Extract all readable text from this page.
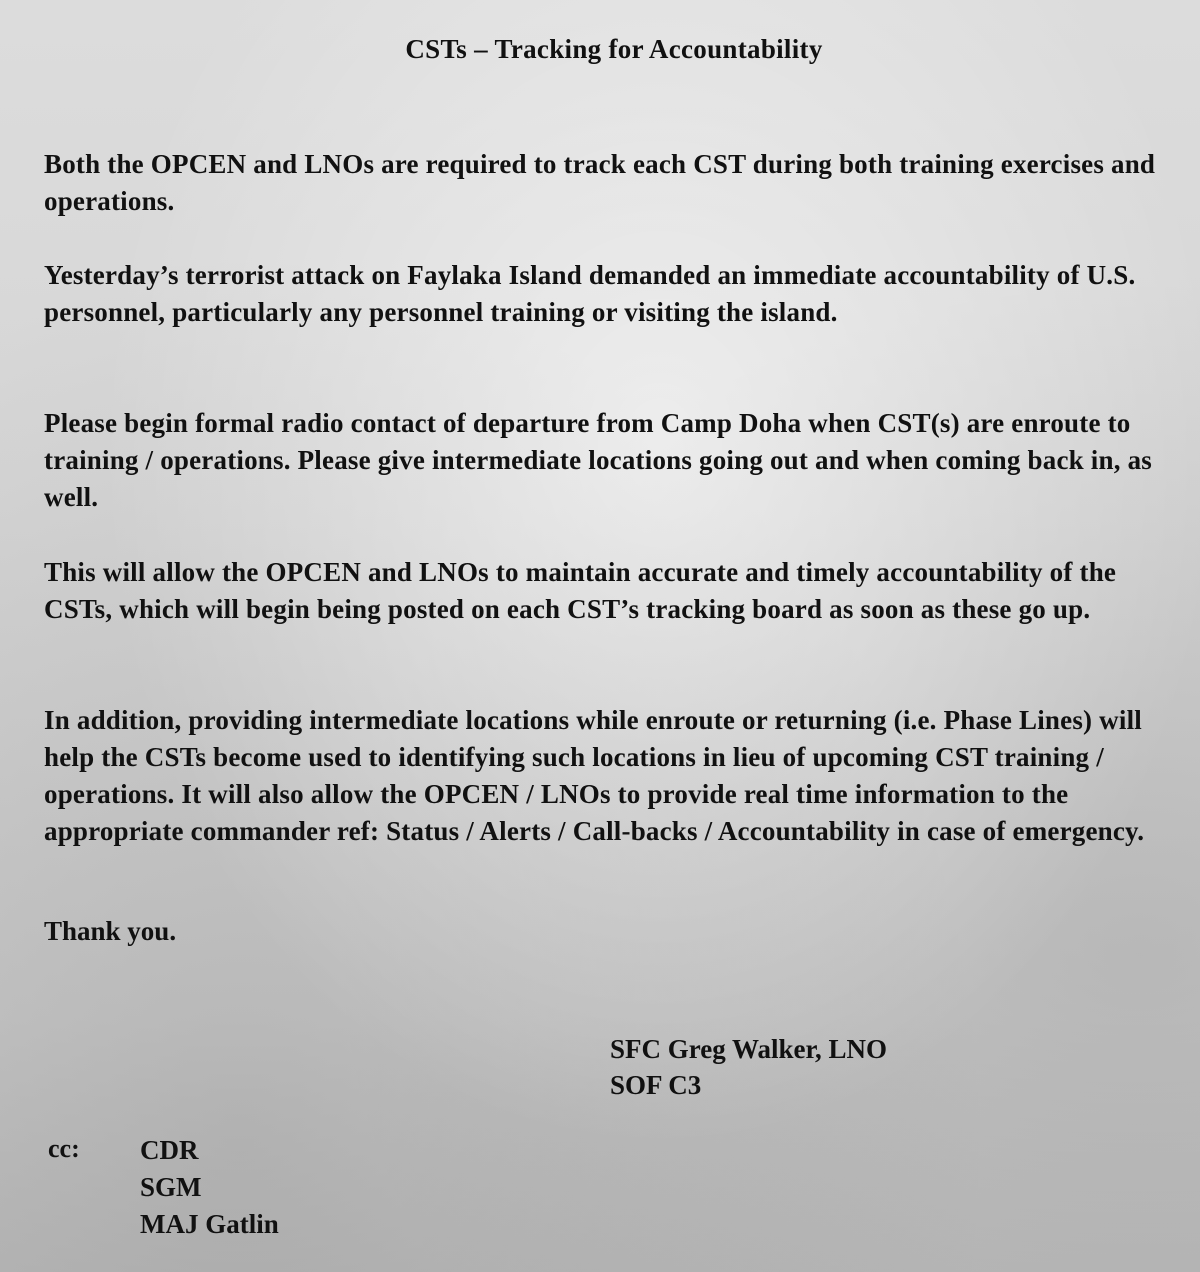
CSTs – Tracking for Accountability

Both the OPCEN and LNOs are required to track each CST during both training exercises and operations.

Yesterday’s terrorist attack on Faylaka Island demanded an immediate accountability of U.S. personnel, particularly any personnel training or visiting the island.

Please begin formal radio contact of departure from Camp Doha when CST(s) are enroute to training / operations. Please give intermediate locations going out and when coming back in, as well.

This will allow the OPCEN and LNOs to maintain accurate and timely accountability of the CSTs, which will begin being posted on each CST’s tracking board as soon as these go up.

In addition, providing intermediate locations while enroute or returning (i.e. Phase Lines) will help the CSTs become used to identifying such locations in lieu of upcoming CST training / operations. It will also allow the OPCEN / LNOs to provide real time information to the appropriate commander ref: Status / Alerts / Call-backs / Accountability in case of emergency.

Thank you.

SFC Greg Walker, LNO
SOF C3
cc: CDR
SGM
MAJ Gatlin
